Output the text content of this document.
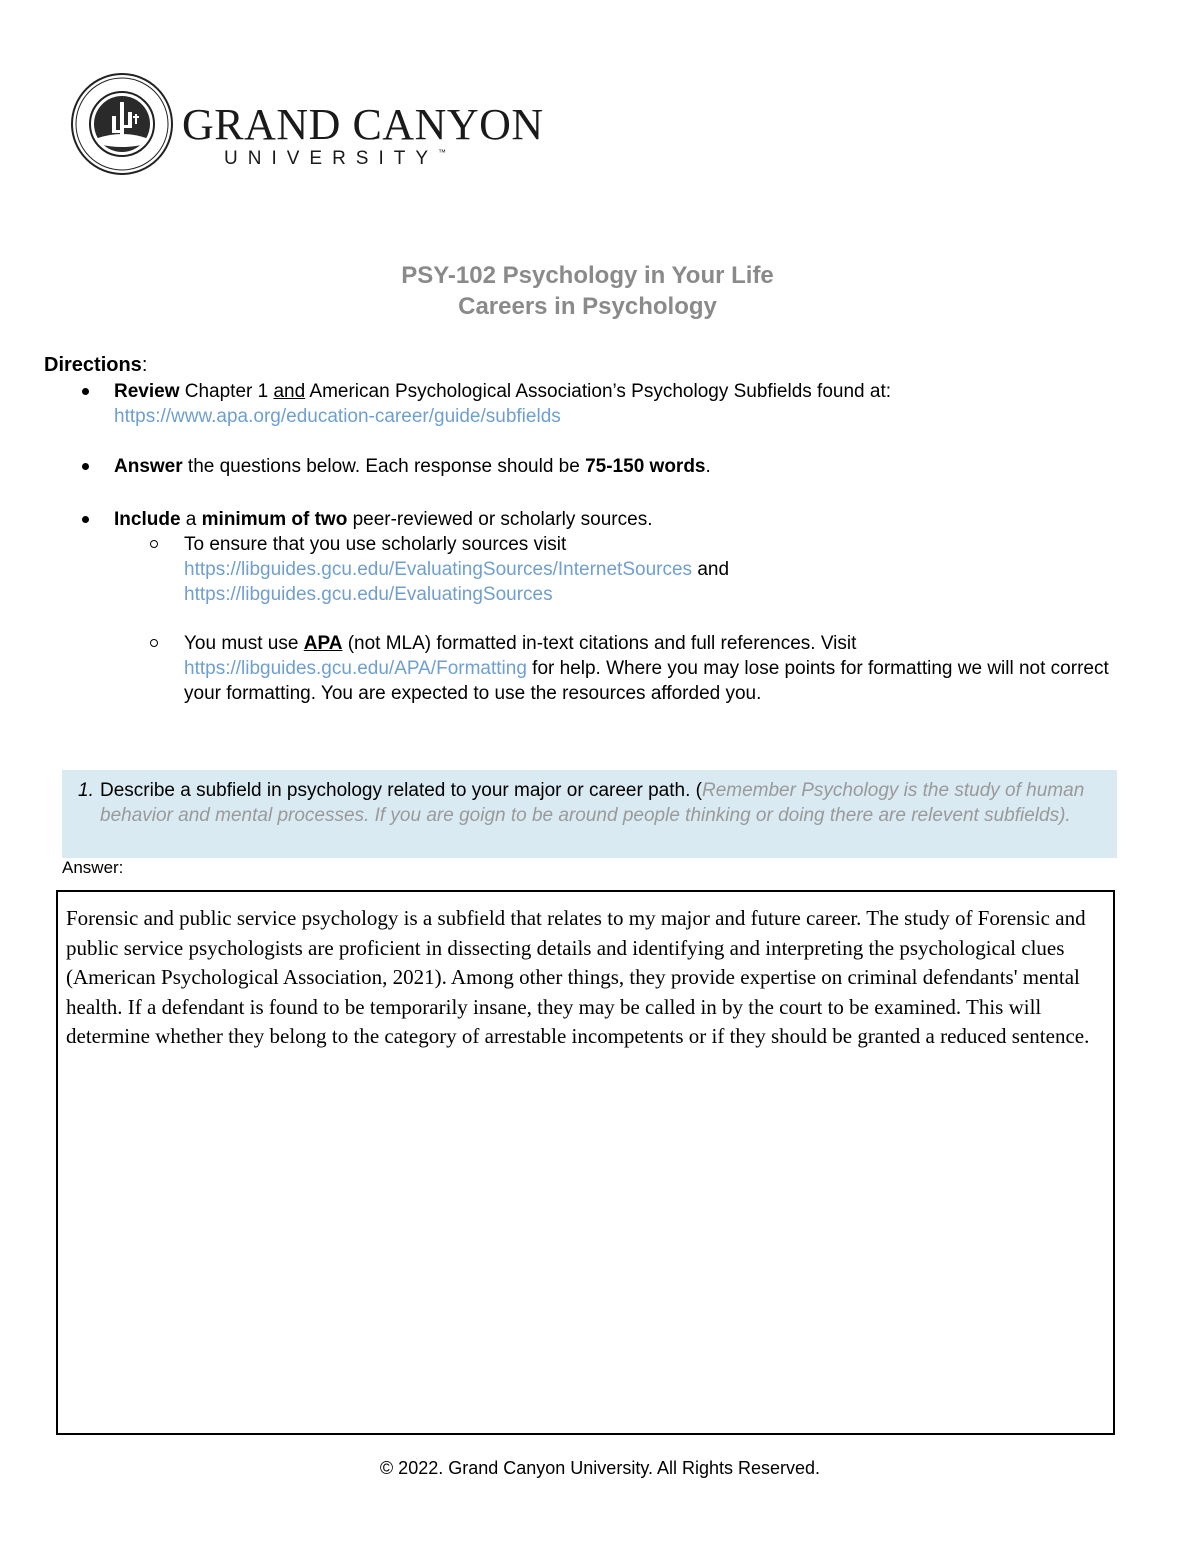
GRAND CANYON
UNIVERSITY™
PSY-102 Psychology in Your Life
Careers in Psychology
Directions:
Review Chapter 1 and American Psychological Association’s Psychology Subfields found at:
https://www.apa.org/education-career/guide/subfields
Answer the questions below. Each response should be 75-150 words.
Include a minimum of two peer-reviewed or scholarly sources.
To ensure that you use scholarly sources visit
https://libguides.gcu.edu/EvaluatingSources/InternetSources and
https://libguides.gcu.edu/EvaluatingSources
You must use APA (not MLA) formatted in-text citations and full references. Visit
https://libguides.gcu.edu/APA/Formatting for help. Where you may lose points for formatting we will not correct your formatting. You are expected to use the resources afforded you.
1. Describe a subfield in psychology related to your major or career path. (Remember Psychology is the study of human behavior and mental processes. If you are goign to be around people thinking or doing there are relevent subfields).
Answer:
Forensic and public service psychology is a subfield that relates to my major and future career. The study of Forensic and public service psychologists are proficient in dissecting details and identifying and interpreting the psychological clues (American Psychological Association, 2021). Among other things, they provide expertise on criminal defendants' mental health. If a defendant is found to be temporarily insane, they may be called in by the court to be examined. This will determine whether they belong to the category of arrestable incompetents or if they should be granted a reduced sentence.
© 2022. Grand Canyon University. All Rights Reserved.
